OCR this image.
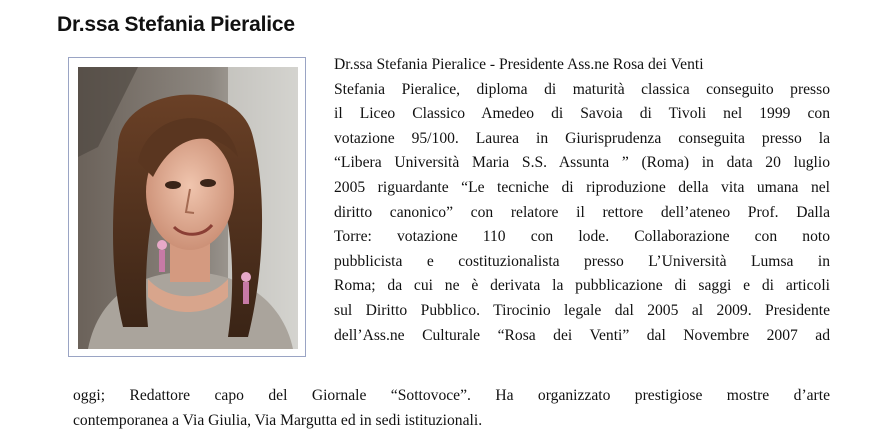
Dr.ssa Stefania Pieralice
Dr.ssa Stefania Pieralice - Presidente Ass.ne Rosa dei Venti
Stefania Pieralice, diploma di maturità classica conseguito presso
il Liceo Classico Amedeo di Savoia di Tivoli nel 1999 con
votazione 95/100. Laurea in Giurisprudenza conseguita presso la
“Libera Università Maria S.S. Assunta ” (Roma) in data 20 luglio
2005 riguardante “Le tecniche di riproduzione della vita umana nel
diritto canonico” con relatore il rettore dell’ateneo Prof. Dalla
Torre: votazione 110 con lode. Collaborazione con noto
pubblicista e costituzionalista presso L’Università Lumsa in
Roma; da cui ne è derivata la pubblicazione di saggi e di articoli
sul Diritto Pubblico. Tirocinio legale dal 2005 al 2009. Presidente
dell’Ass.ne Culturale “Rosa dei Venti” dal Novembre 2007 ad
oggi; Redattore capo del Giornale “Sottovoce”. Ha organizzato prestigiose mostre d’arte
contemporanea a Via Giulia, Via Margutta ed in sedi istituzionali.
